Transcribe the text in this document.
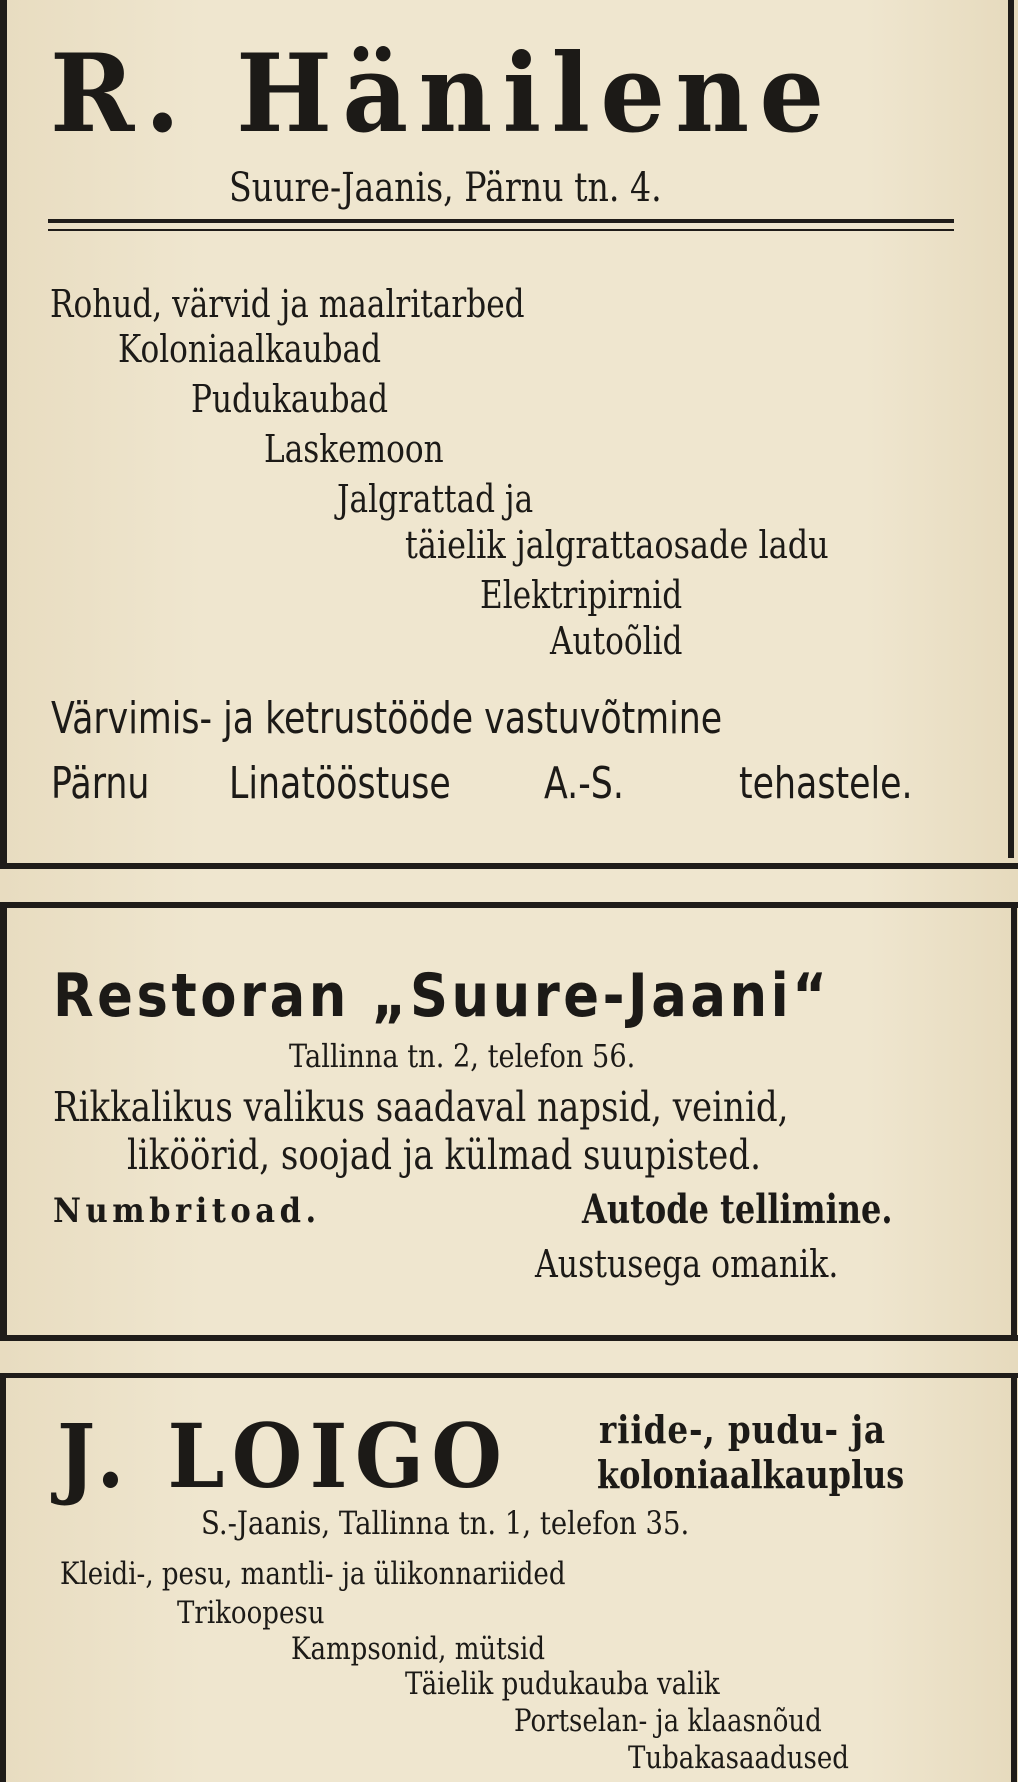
R. Hänilene
Suure-Jaanis, Pärnu tn. 4.
Rohud, värvid ja maalritarbed
Koloniaalkaubad
Pudukaubad
Laskemoon
Jalgrattad ja
täielik jalgrattaosade ladu
Elektripirnid
Autoõlid
Värvimis- ja ketrustööde vastuvõtmine
Pärnu	Linatööstuse	A.-S.	tehastele.
Restoran „Suure-Jaani“
Tallinna tn. 2, telefon 56.
Rikkalikus valikus saadaval napsid, veinid,
liköörid, soojad ja külmad suupisted.
Numbritoad.	Autode tellimine.
Austusega omanik.
J. LOIGO	riide-, pudu- ja
koloniaalkauplus
S.-Jaanis, Tallinna tn. 1, telefon 35.
Kleidi-, pesu, mantli- ja ülikonnariided
Trikoopesu
Kampsonid, mütsid
Täielik pudukauba valik
Portselan- ja klaasnõud
Tubakasaadused
